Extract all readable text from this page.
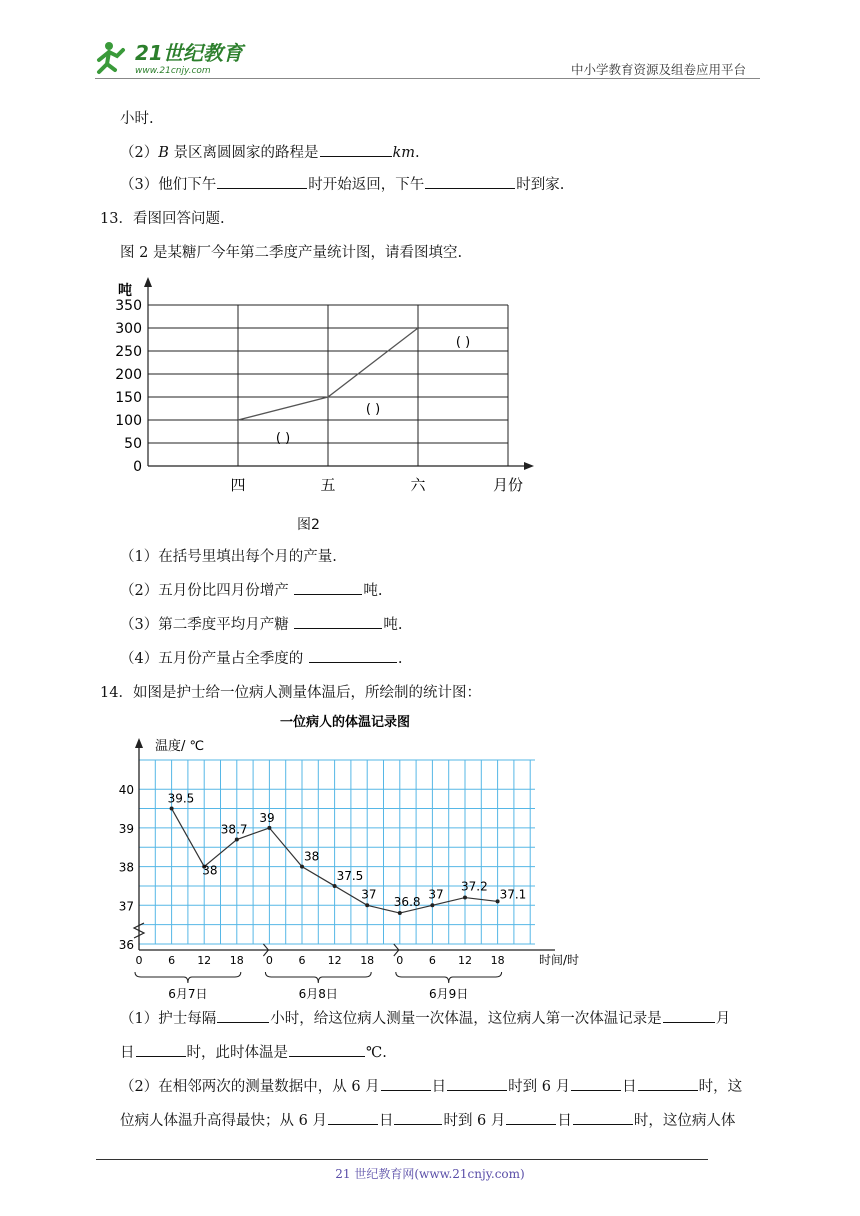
21世纪教育
www.21cnjy.com	中小学教育资源及组卷应用平台
小时.
（2）B 景区离圆圆家的路程是	km.
（3）他们下午	时开始返回，下午	时到家.
13．看图回答问题.
图 2 是某糖厂今年第二季度产量统计图，请看图填空.
0
50
100
150
200
250
300
350
吨
四	五	六	月份
( )
( )
( )
图2
（1）在括号里填出每个月的产量.
（2）五月份比四月份增产	吨.
（3）第二季度平均月产糖	吨.
（4）五月份产量占全季度的	.
14．如图是护士给一位病人测量体温后，所绘制的统计图：
一位病人的体温记录图
温度/ ℃
36
37
38
39
40
0 6 12 18
6月7日
0 6 12 18
6月8日
0 6 12 18
6月9日
时间/时
39.5
38
38.7
39
38
37.5
37
36.8
37
37.2
37.1
（1）护士每隔	小时，给这位病人测量一次体温，这位病人第一次体温记录是	月
日	时，此时体温是	℃.
（2）在相邻两次的测量数据中，从 6 月	日	时到 6 月	日	时，这
位病人体温升高得最快；从 6 月	日	时到 6 月	日	时，这位病人体
21 世纪教育网(www.21cnjy.com)
